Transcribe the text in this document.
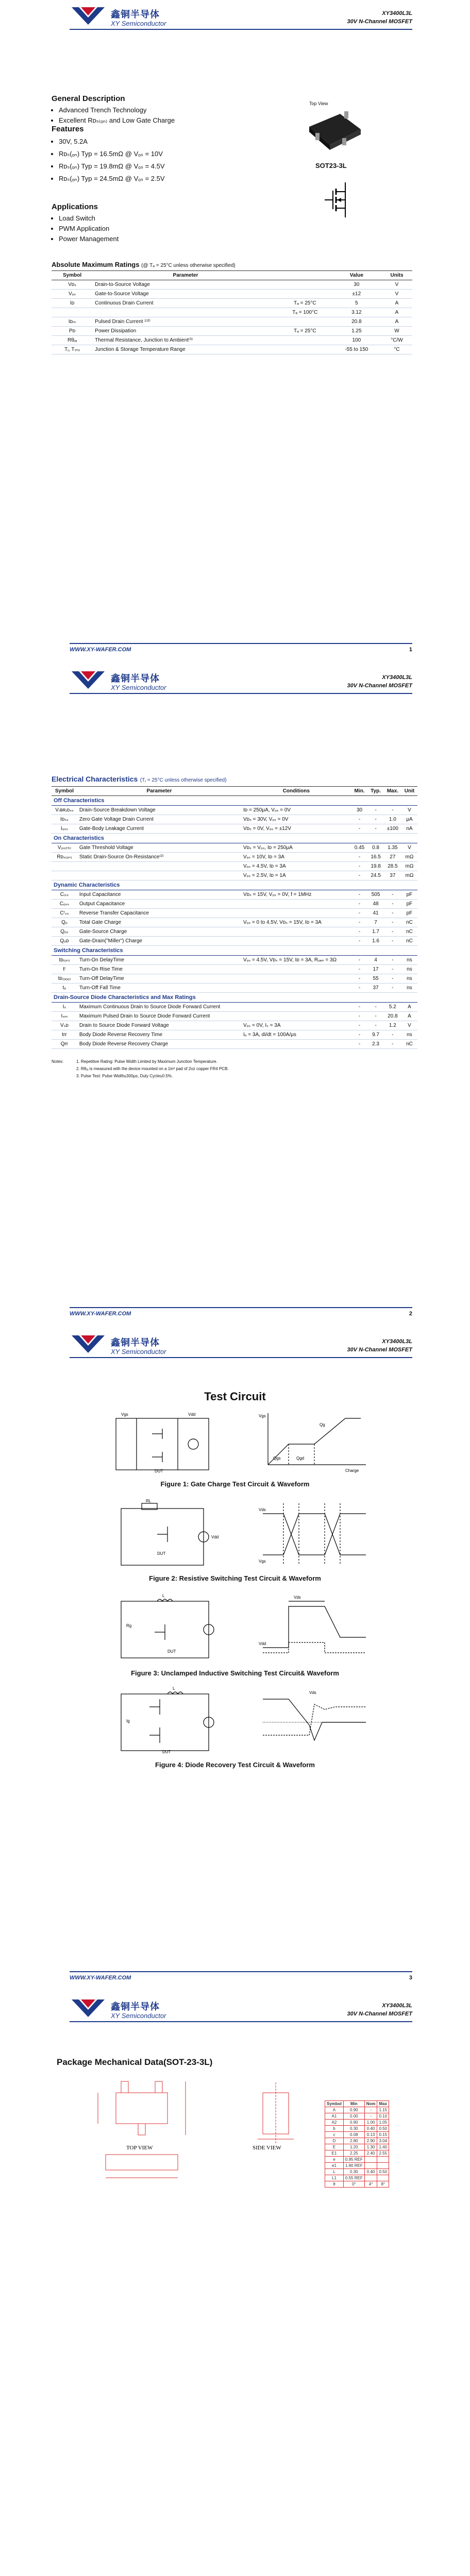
鑫铜半导体
XY Semiconductor
XY3400L3L
30V N-Channel MOSFET
General Description
• Advanced Trench Technology
• Excellent Rᴅₛ₍ₒₙ₎ and Low Gate Charge
Top View
SOT23-3L
Features
• 30V, 5.2A
• Rᴅₛ(ₒₙ) Typ = 16.5mΩ @ Vₒₛ = 10V
• Rᴅₛ(ₒₙ) Typ = 19.8mΩ @ Vₒₛ = 4.5V
• Rᴅₛ(ₒₙ) Typ = 24.5mΩ @ Vₒₛ = 2.5V
Applications
• Load Switch
• PWM Application
• Power Management
Absolute Maximum Ratings (@ Tₐ = 25°C unless otherwise specified)
Symbol	Parameter		Value	Units
Vᴅₛ	Drain-to-Source Voltage		30	V
Vₒₛ	Gate-to-Source Voltage		±12	V
Iᴅ	Continuous Drain Current	Tₐ = 25°C	5	A
		Tₐ = 100°C	3.12	A
Iᴅₘ	Pulsed Drain Current ¹⁾²⁾		20.8	A
Pᴅ	Power Dissipation	Tₐ = 25°C	1.25	W
Rθⱼₐ	Thermal Resistance, Junction to Ambient⁽³⁾		100	°C/W
Tⱼ, Tₛₜₒ	Junction & Storage Temperature Range		-55 to 150	°C
WWW.XY-WAFER.COM	1
鑫铜半导体
XY Semiconductor
XY3400L3L
30V N-Channel MOSFET
Electrical Characteristics (Tⱼ = 25°C unless otherwise specified)
Symbol	Parameter	Conditions	Min.	Typ.	Max.	Unit
Off Characteristics						
V₍ʙʀ₎ᴅₛₛ	Drain-Source Breakdown Voltage	Iᴅ = 250μA, Vₒₛ = 0V	30	-	-	V
Iᴅₛₛ	Zero Gate Voltage Drain Current	Vᴅₛ = 30V, Vₒₛ = 0V	-	-	1.0	μA
Iₒₛₛ	Gate-Body Leakage Current	Vᴅₛ = 0V, Vₒₛ = ±12V	-	-	±100	nA
On Characteristics						
Vₒₛ₍ₜₕ₎	Gate Threshold Voltage	Vᴅₛ = Vₒₛ, Iᴅ = 250μA	0.45	0.8	1.35	V
Rᴅₛ₍ₒₙ₎	Static Drain-Source On-Resistance⁽²⁾	Vₒₛ = 10V, Iᴅ = 3A	-	16.5	27	mΩ
		Vₒₛ = 4.5V, Iᴅ = 3A	-	19.8	28.5	mΩ
		Vₒₛ = 2.5V, Iᴅ = 1A	-	24.5	37	mΩ
Dynamic Characteristics						
Cᵢₛₛ	Input Capacitance	Vᴅₛ = 15V, Vₒₛ = 0V, f = 1MHz	-	505	-	pF
Cₒₛₛ	Output Capacitance		-	48	-	pF
Cʳₛₛ	Reverse Transfer Capacitance		-	41	-	pF
Qₒ	Total Gate Charge	Vₒₛ = 0 to 4.5V, Vᴅₛ = 15V, Iᴅ = 3A	-	7	-	nC
Qₒₛ	Gate-Source Charge		-	1.7	-	nC
Qₒᴅ	Gate-Drain("Miller") Charge		-	1.6	-	nC
Switching Characteristics						
tᴅ₍ₒₙ₎	Turn-On DelayTime	Vₒₛ = 4.5V, Vᴅₛ = 15V, Iᴅ = 3A, Rₒₑₙ = 3Ω	-	4	-	ns
tʳ	Turn-On Rise Time		-	17	-	ns
tᴅ₍ₒₒₒ₎	Turn-Off DelayTime		-	55	-	ns
tₒ	Turn-Off Fall Time		-	37	-	ns
Drain-Source Diode Characteristics and Max Ratings						
Iₛ	Maximum Continuous Drain to Source Diode Forward Current		-	-	5.2	A
Iₛₘ	Maximum Pulsed Drain to Source Diode Forward Current		-	-	20.8	A
Vₛᴅ	Drain to Source Diode Forward Voltage	Vₒₛ = 0V, Iₛ = 3A	-	-	1.2	V
trr	Body Diode Reverse Recovery Time	Iₒ = 3A, di/dt = 100A/μs	-	9.7	-	ns
Qrr	Body Diode Reverse Recovery Charge		-	2.3	-	nC
Notes:	1. Repetitive Rating: Pulse Width Limited by Maximum Junction Temperature.
2. Rθⱼₐ is measured with the device mounted on a 1in² pad of 2oz copper FR4 PCB.
3. Pulse Test: Pulse Width≤300μs, Duty Cycle≤0.5%.
WWW.XY-WAFER.COM	2
鑫铜半导体
XY Semiconductor
XY3400L3L
30V N-Channel MOSFET
Test Circuit
Vgs	Vdd
DUT
Vgs
Qg
Qgs	Qgd
Charge
Figure 1: Gate Charge Test Circuit & Waveform
RL
Vdd
DUT
Vds
Vgs
Figure 2: Resistive Switching Test Circuit & Waveform
L
Rg
DUT
Vds
Vdd
Figure 3: Unclamped Inductive Switching Test Circuit& Waveform
L
Ig
DUT
Vds
Figure 4: Diode Recovery Test Circuit & Waveform
WWW.XY-WAFER.COM	3
鑫铜半导体
XY Semiconductor
XY3400L3L
30V N-Channel MOSFET
Package Mechanical Data(SOT-23-3L)
TOP VIEW	SIDE VIEW
Symbol	Min	Nom	Max
A	0.90	-	1.15
A1	0.00	-	0.10
A2	0.90	1.00	1.05
b	0.30	0.40	0.50
c	0.08	0.13	0.15
D	2.80	2.90	3.04
E	1.20	1.30	1.40
E1	2.25	2.40	2.55
e	0.95 REF		
e1	1.90 REF		
L	0.30	0.40	0.50
L1	0.55 REF		
θ	0°	4°	8°
